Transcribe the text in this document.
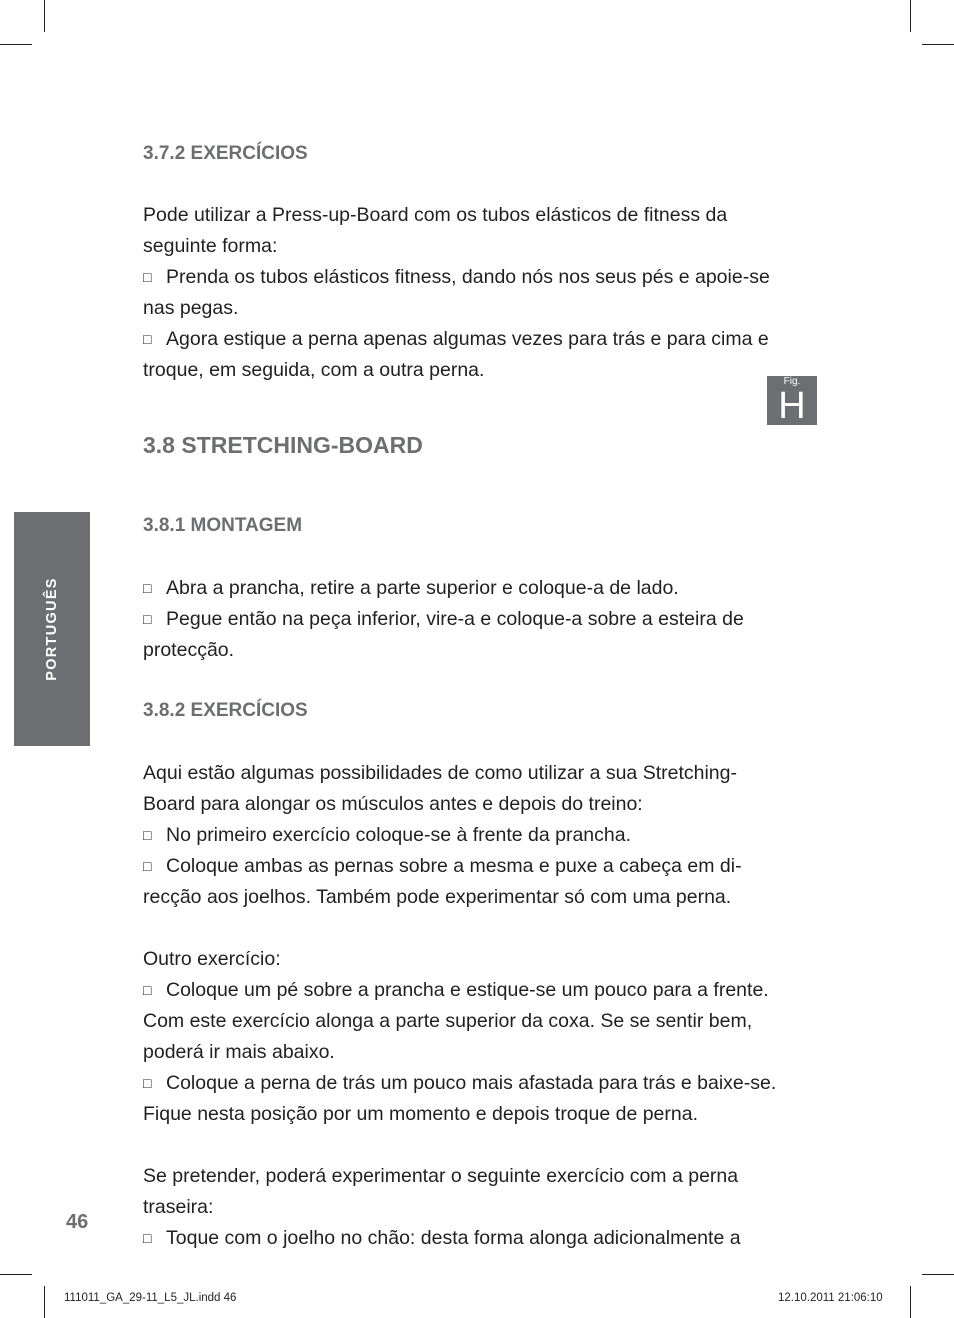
PORTUGUÊS
Fig.
H

3.7.2 EXERCÍCIOS

Pode utilizar a Press-up-Board com os tubos elásticos de fitness da

seguinte forma:

□ Prenda os tubos elásticos fitness, dando nós nos seus pés e apoie-se

nas pegas.

□ Agora estique a perna apenas algumas vezes para trás e para cima e

troque, em seguida, com a outra perna.

3.8 STRETCHING-BOARD

3.8.1 MONTAGEM

□ Abra a prancha, retire a parte superior e coloque-a de lado.

□ Pegue então na peça inferior, vire-a e coloque-a sobre a esteira de

protecção.

3.8.2 EXERCÍCIOS

Aqui estão algumas possibilidades de como utilizar a sua Stretching-

Board para alongar os músculos antes e depois do treino:

□ No primeiro exercício coloque-se à frente da prancha.

□ Coloque ambas as pernas sobre a mesma e puxe a cabeça em di-

recção aos joelhos. Também pode experimentar só com uma perna.

Outro exercício:

□ Coloque um pé sobre a prancha e estique-se um pouco para a frente.

Com este exercício alonga a parte superior da coxa. Se se sentir bem,

poderá ir mais abaixo.

□ Coloque a perna de trás um pouco mais afastada para trás e baixe-se.

Fique nesta posição por um momento e depois troque de perna.

Se pretender, poderá experimentar o seguinte exercício com a perna

traseira:

□ Toque com o joelho no chão: desta forma alonga adicionalmente a

46
111011_GA_29-11_L5_JL.indd 46	12.10.2011 21:06:10
